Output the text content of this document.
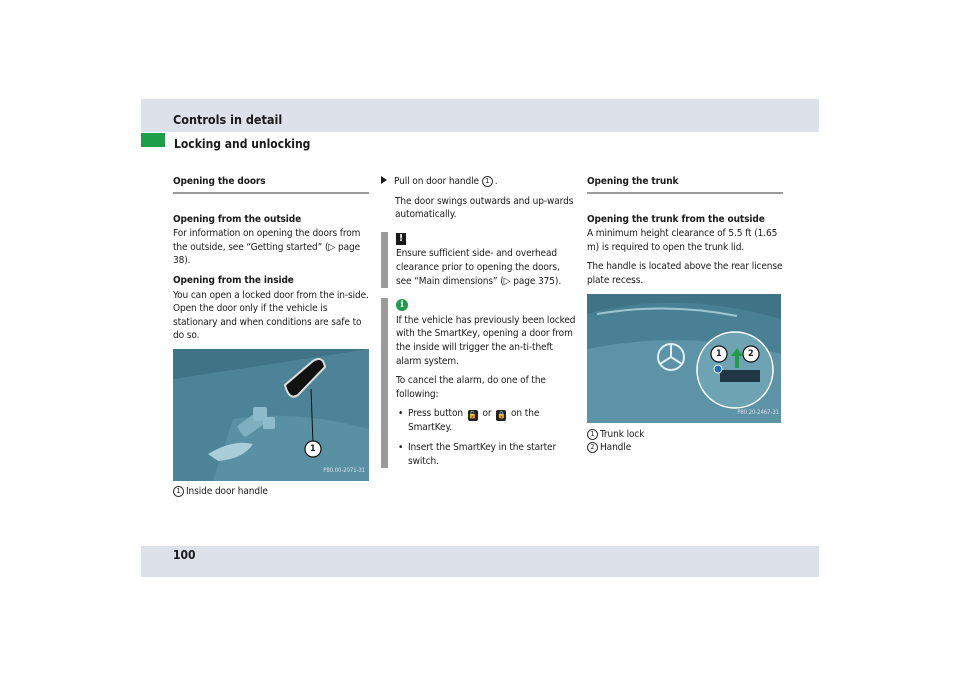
Controls in detail
Locking and unlocking
Opening the doors
Opening from the outside

For information on opening the doors from the outside, see “Getting started” (▷ page 38).

Opening from the inside

You can open a locked door from the in-side. Open the door only if the vehicle is stationary and when conditions are safe to do so.

1
P80.00-2071-31
1 Inside door handle

Pull on door handle 1 .

The door swings outwards and up-wards automatically.

!

Ensure sufficient side- and overhead clearance prior to opening the doors, see “Main dimensions” (▷ page 375).

i

If the vehicle has previously been locked with the SmartKey, opening a door from the inside will trigger the an-ti-theft alarm system.

To cancel the alarm, do one of the following:

• Press button 🔓 or 🔒 on the SmartKey.
• Insert the SmartKey in the starter switch.
Opening the trunk
Opening the trunk from the outside

A minimum height clearance of 5.5 ft (1.65 m) is required to open the trunk lid.

The handle is located above the rear license plate recess.

1	2
P80.20-2467-31
1 Trunk lock
2 Handle
100
